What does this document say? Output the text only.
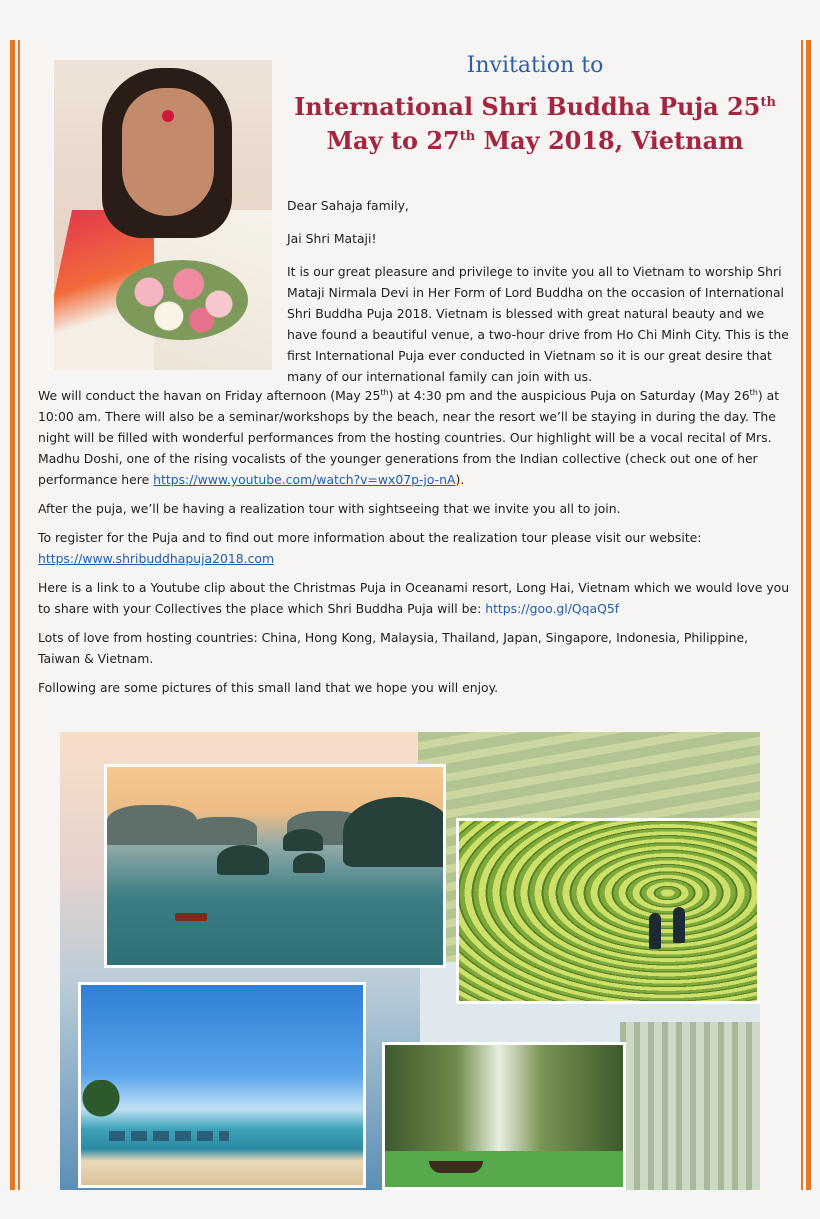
Invitation to
International Shri Buddha Puja 25th May to 27th May 2018, Vietnam

Dear Sahaja family,

Jai Shri Mataji!

It is our great pleasure and privilege to invite you all to Vietnam to worship Shri Mataji Nirmala Devi in Her Form of Lord Buddha on the occasion of International Shri Buddha Puja 2018. Vietnam is blessed with great natural beauty and we have found a beautiful venue, a two-hour drive from Ho Chi Minh City. This is the first International Puja ever conducted in Vietnam so it is our great desire that many of our international family can join with us.

We will conduct the havan on Friday afternoon (May 25th) at 4:30 pm and the auspicious Puja on Saturday (May 26th) at 10:00 am. There will also be a seminar/workshops by the beach, near the resort we’ll be staying in during the day. The night will be filled with wonderful performances from the hosting countries. Our highlight will be a vocal recital of Mrs. Madhu Doshi, one of the rising vocalists of the younger generations from the Indian collective (check out one of her performance here https://www.youtube.com/watch?v=wx07p-jo-nA).

After the puja, we’ll be having a realization tour with sightseeing that we invite you all to join.

To register for the Puja and to find out more information about the realization tour please visit our website:
https://www.shribuddhapuja2018.com

Here is a link to a Youtube clip about the Christmas Puja in Oceanami resort, Long Hai, Vietnam which we would love you to share with your Collectives the place which Shri Buddha Puja will be: https://goo.gl/QqaQ5f

Lots of love from hosting countries: China, Hong Kong, Malaysia, Thailand, Japan, Singapore, Indonesia, Philippine, Taiwan & Vietnam.

Following are some pictures of this small land that we hope you will enjoy.
